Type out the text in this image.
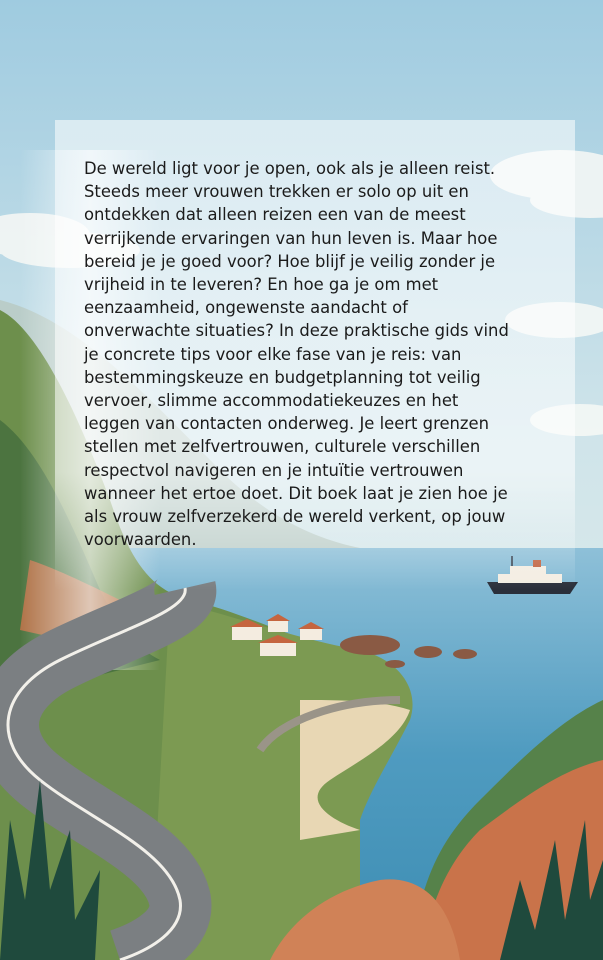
De wereld ligt voor je open, ook als je alleen reist.
Steeds meer vrouwen trekken er solo op uit en
ontdekken dat alleen reizen een van de meest
verrijkende ervaringen van hun leven is. Maar hoe
bereid je je goed voor? Hoe blijf je veilig zonder je
vrijheid in te leveren? En hoe ga je om met
eenzaamheid, ongewenste aandacht of
onverwachte situaties? In deze praktische gids vind
je concrete tips voor elke fase van je reis: van
bestemmingskeuze en budgetplanning tot veilig
vervoer, slimme accommodatiekeuzes en het
leggen van contacten onderweg. Je leert grenzen
stellen met zelfvertrouwen, culturele verschillen
respectvol navigeren en je intuïtie vertrouwen
wanneer het ertoe doet. Dit boek laat je zien hoe je
als vrouw zelfverzekerd de wereld verkent, op jouw
voorwaarden.
